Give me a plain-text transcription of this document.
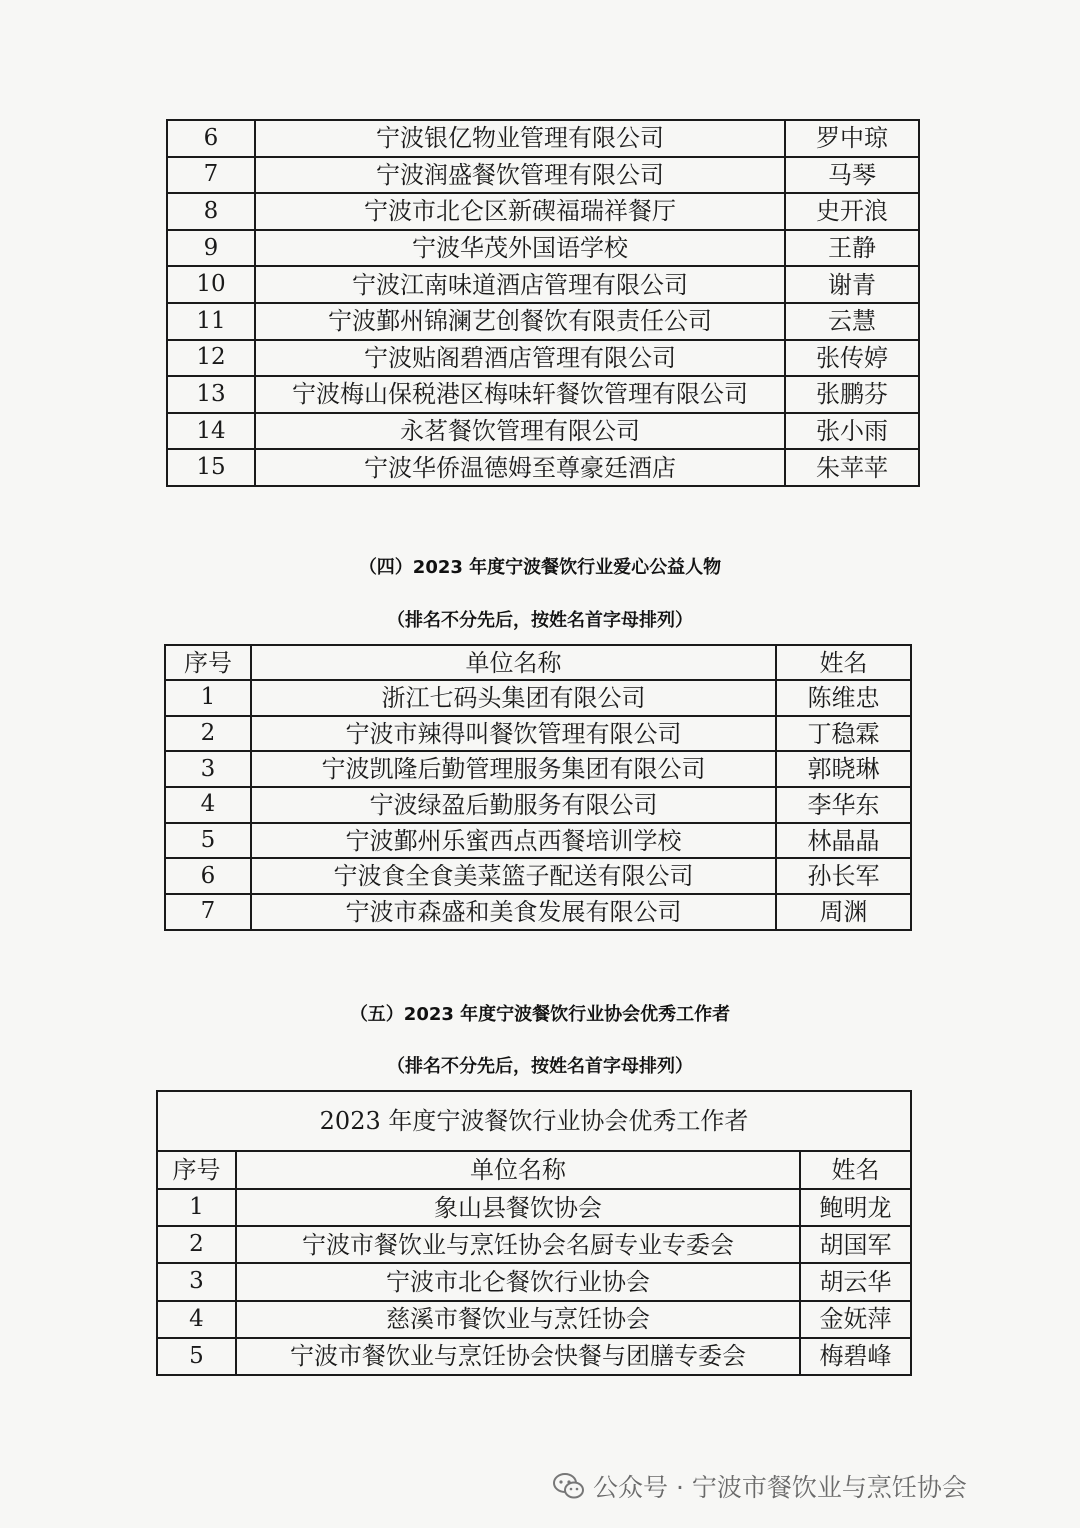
6	宁波银亿物业管理有限公司	罗中琼
7	宁波润盛餐饮管理有限公司	马琴
8	宁波市北仑区新碶福瑞祥餐厅	史开浪
9	宁波华茂外国语学校	王静
10	宁波江南味道酒店管理有限公司	谢青
11	宁波鄞州锦澜艺创餐饮有限责任公司	云慧
12	宁波贴阁碧酒店管理有限公司	张传婷
13	宁波梅山保税港区梅味轩餐饮管理有限公司	张鹏芬
14	永茗餐饮管理有限公司	张小雨
15	宁波华侨温德姆至尊豪廷酒店	朱苹苹
（四）2023 年度宁波餐饮行业爱心公益人物
（排名不分先后，按姓名首字母排列）
序号	单位名称	姓名
1	浙江七码头集团有限公司	陈维忠
2	宁波市辣得叫餐饮管理有限公司	丁稳霖
3	宁波凯隆后勤管理服务集团有限公司	郭晓琳
4	宁波绿盈后勤服务有限公司	李华东
5	宁波鄞州乐蜜西点西餐培训学校	林晶晶
6	宁波食全食美菜篮子配送有限公司	孙长军
7	宁波市森盛和美食发展有限公司	周渊
（五）2023 年度宁波餐饮行业协会优秀工作者
（排名不分先后，按姓名首字母排列）
2023 年度宁波餐饮行业协会优秀工作者		
序号	单位名称	姓名
1	象山县餐饮协会	鲍明龙
2	宁波市餐饮业与烹饪协会名厨专业专委会	胡国军
3	宁波市北仑餐饮行业协会	胡云华
4	慈溪市餐饮业与烹饪协会	金妩萍
5	宁波市餐饮业与烹饪协会快餐与团膳专委会	梅碧峰
公众号 · 宁波市餐饮业与烹饪协会
